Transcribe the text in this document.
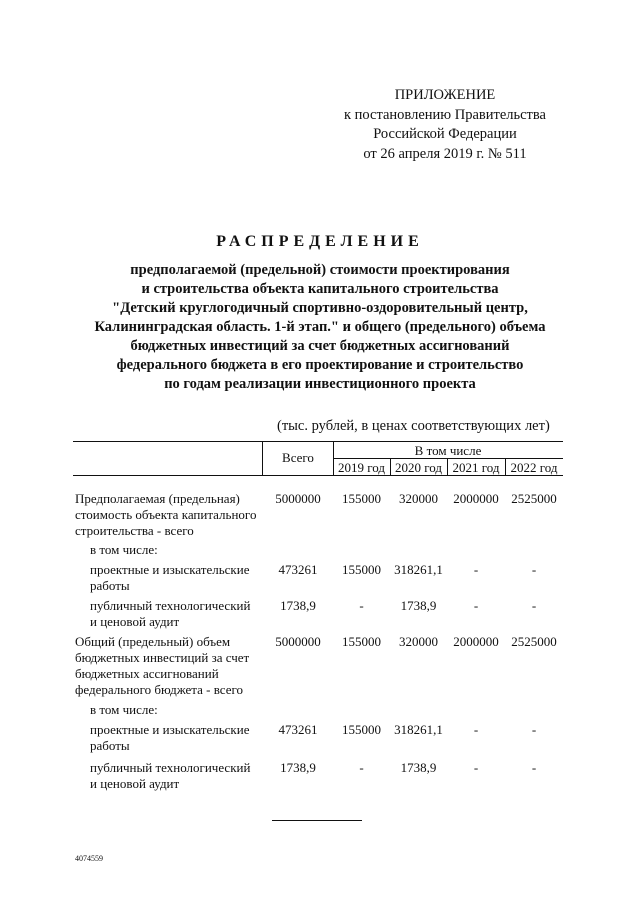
ПРИЛОЖЕНИЕ
к постановлению Правительства
Российской Федерации
от 26 апреля 2019 г. № 511
РАСПРЕДЕЛЕНИЕ
предполагаемой (предельной) стоимости проектирования
и строительства объекта капитального строительства
"Детский круглогодичный спортивно-оздоровительный центр,
Калининградская область. 1-й этап." и общего (предельного) объема
бюджетных инвестиций за счет бюджетных ассигнований
федерального бюджета в его проектирование и строительство
по годам реализации инвестиционного проекта
(тыс. рублей, в ценах соответствующих лет)
Всего	В том числе
2019 год 2020 год 2021 год 2022 год
Предполагаемая (предельная)
стоимость объекта капитального
строительства - всего
5000000	155000	320000	2000000 2525000
в том числе:
проектные и изыскательские
работы
473261	155000	318261,1	-	-
публичный технологический
и ценовой аудит
1738,9	-	1738,9	-	-
Общий (предельный) объем
бюджетных инвестиций за счет
бюджетных ассигнований
федерального бюджета - всего
5000000	155000	320000	2000000 2525000
в том числе:
проектные и изыскательские
работы
473261	155000	318261,1	-	-
публичный технологический
и ценовой аудит
1738,9	-	1738,9	-	-
4074559
